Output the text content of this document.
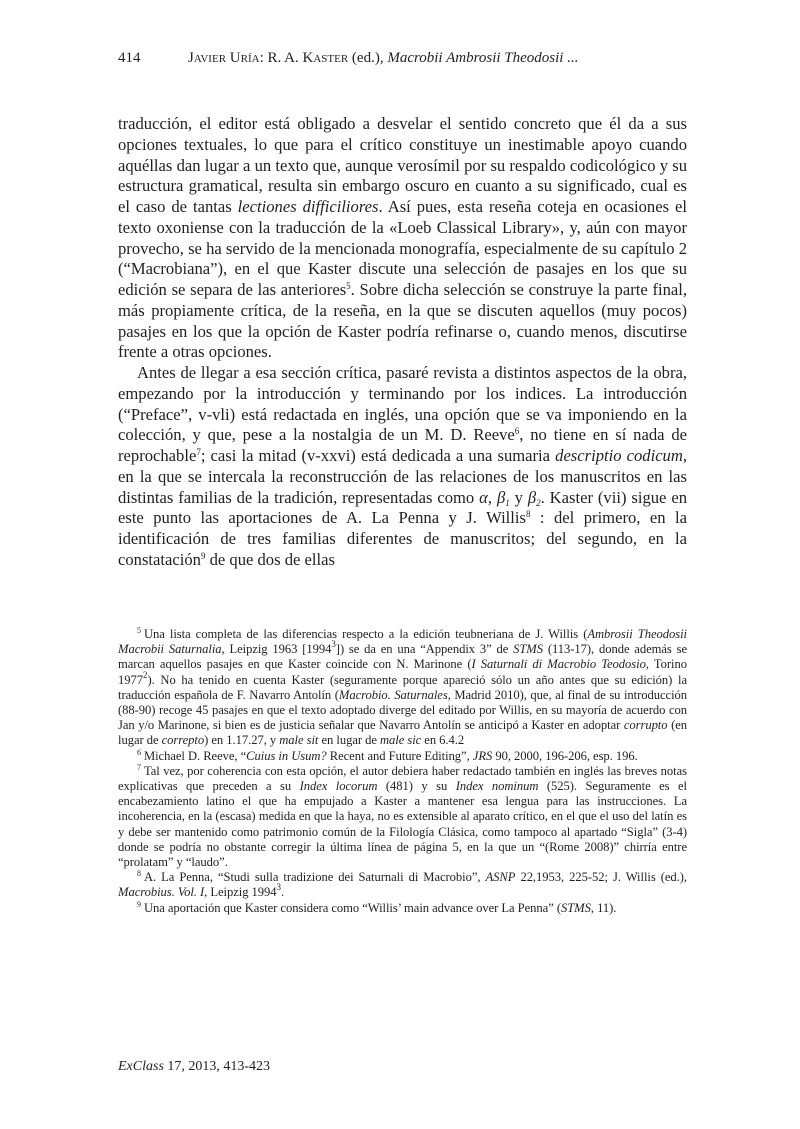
414	Javier Uría: R. A. Kaster (ed.), Macrobii Ambrosii Theodosii ...

traducción, el editor está obligado a desvelar el sentido concreto que él da a sus opciones textuales, lo que para el crítico constituye un inestimable apoyo cuando aquéllas dan lugar a un texto que, aunque verosímil por su respaldo codicológico y su estructura gramatical, resulta sin embargo oscuro en cuanto a su significado, cual es el caso de tantas lectiones difficiliores. Así pues, esta reseña coteja en ocasiones el texto oxoniense con la traducción de la «Loeb Classical Library», y, aún con mayor provecho, se ha servido de la mencionada monografía, especialmente de su capítulo 2 (“Macrobiana”), en el que Kaster discute una selección de pasajes en los que su edición se separa de las anteriores$^5$. Sobre dicha selección se construye la parte final, más propiamente crítica, de la reseña, en la que se discuten aquellos (muy pocos) pasajes en los que la opción de Kaster podría refinarse o, cuando menos, discutirse frente a otras opciones.

Antes de llegar a esa sección crítica, pasaré revista a distintos aspectos de la obra, empezando por la introducción y terminando por los indices. La introducción (“Preface”, v-vli) está redactada en inglés, una opción que se va imponiendo en la colección, y que, pese a la nostalgia de un M. D. Reeve$^6$, no tiene en sí nada de reprochable$^7$; casi la mitad (v-xxvi) está dedicada a una sumaria descriptio codicum, en la que se intercala la reconstrucción de las relaciones de los manuscritos en las distintas familias de la tradición, representadas como α, $\beta_1$ y $\beta_2$. Kaster (vii) sigue en este punto las aportaciones de A. La Penna y J. Willis$^8$ : del primero, en la identificación de tres familias diferentes de manuscritos; del segundo, en la constatación$^9$ de que dos de ellas

$^5$ Una lista completa de las diferencias respecto a la edición teubneriana de J. Willis (Ambrosii Theodosii Macrobii Saturnalia, Leipzig 1963 [1994$^3$]) se da en una “Appendix 3” de STMS (113-17), donde además se marcan aquellos pasajes en que Kaster coincide con N. Marinone (I Saturnali di Macrobio Teodosio, Torino 1977$^2$). No ha tenido en cuenta Kaster (seguramente porque apareció sólo un año antes que su edición) la traducción española de F. Navarro Antolín (Macrobio. Saturnales, Madrid 2010), que, al final de su introducción (88-90) recoge 45 pasajes en que el texto adoptado diverge del editado por Willis, en su mayoría de acuerdo con Jan y/o Marinone, si bien es de justicia señalar que Navarro Antolín se anticipó a Kaster en adoptar corrupto (en lugar de correpto) en 1.17.27, y male sit en lugar de male sic en 6.4.2

$^6$ Michael D. Reeve, “Cuius in Usum? Recent and Future Editing”, JRS 90, 2000, 196-206, esp. 196.

$^7$ Tal vez, por coherencia con esta opción, el autor debiera haber redactado también en inglés las breves notas explicativas que preceden a su Index locorum (481) y su Index nominum (525). Seguramente es el encabezamiento latino el que ha empujado a Kaster a mantener esa lengua para las instrucciones. La incoherencia, en la (escasa) medida en que la haya, no es extensible al aparato crítico, en el que el uso del latín es y debe ser mantenido como patrimonio común de la Filología Clásica, como tampoco al apartado “Sigla” (3-4) donde se podría no obstante corregir la última línea de página 5, en la que un “(Rome 2008)” chirría entre “prolatam” y “laudo”.

$^8$ A. La Penna, “Studi sulla tradizione dei Saturnali di Macrobio”, ASNP 22,1953, 225-52; J. Willis (ed.), Macrobius. Vol. I, Leipzig 1994$^3$.

$^9$ Una aportación que Kaster considera como “Willis’ main advance over La Penna” (STMS, 11).

ExClass 17, 2013, 413-423
